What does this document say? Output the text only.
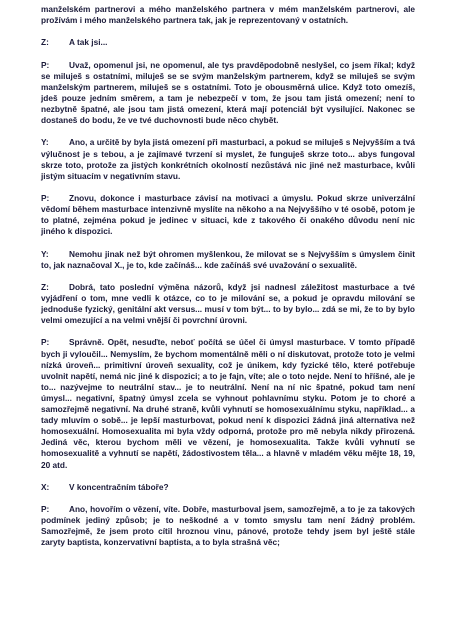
manželském partnerovi a mého manželského partnera v mém manželském partnerovi, ale prožívám i mého manželského partnera tak, jak je reprezentovaný v ostatních.

Z: A tak jsi...

P: Uvaž, opomenul jsi, ne opomenul, ale tys pravděpodobně neslyšel, co jsem říkal; když se miluješ s ostatními, miluješ se se svým manželským partnerem, když se miluješ se svým manželským partnerem, miluješ se s ostatními. Toto je obousměrná ulice. Když toto omezíš, jdeš pouze jedním směrem, a tam je nebezpečí v tom, že jsou tam jistá omezení; není to nezbytně špatné, ale jsou tam jistá omezení, která mají potenciál být vysilující. Nakonec se dostaneš do bodu, že ve tvé duchovnosti bude něco chybět.

Y: Ano, a určitě by byla jistá omezení při masturbaci, a pokud se miluješ s Nejvyšším a tvá výlučnost je s tebou, a je zajímavé tvrzení si myslet, že funguješ skrze toto... abys fungoval skrze toto, protože za jistých konkrétních okolností nezůstává nic jiné než masturbace, kvůli jistým situacím v negativním stavu.

P: Znovu, dokonce i masturbace závisí na motivaci a úmyslu. Pokud skrze univerzální vědomí během masturbace intenzivně myslíte na někoho a na Nejvyššího v té osobě, potom je to platné, zejména pokud je jedinec v situaci, kde z takového či onakého důvodu není nic jiného k dispozici.

Y: Nemohu jinak než být ohromen myšlenkou, že milovat se s Nejvyšším s úmyslem činit to, jak naznačoval X., je to, kde začínáš... kde začínáš své uvažování o sexualitě.

Z: Dobrá, tato poslední výměna názorů, když jsi nadnesl záležitost masturbace a tvé vyjádření o tom, mne vedli k otázce, co to je milování se, a pokud je opravdu milování se jednoduše fyzický, genitální akt versus... musí v tom být... to by bylo... zdá se mi, že to by bylo velmi omezující a na velmi vnější či povrchní úrovni.

P: Správně. Opět, nesuďte, neboť počítá se účel či úmysl masturbace. V tomto případě bych ji vyloučil... Nemyslím, že bychom momentálně měli o ní diskutovat, protože toto je velmi nízká úroveň... primitivní úroveň sexuality, což je únikem, kdy fyzické tělo, které potřebuje uvolnit napětí, nemá nic jiné k dispozici; a to je fajn, víte; ale o toto nejde. Není to hříšné, ale je to... nazývejme to neutrální stav... je to neutrální. Není na ní nic špatné, pokud tam není úmysl... negativní, špatný úmysl zcela se vyhnout pohlavnímu styku. Potom je to choré a samozřejmě negativní. Na druhé straně, kvůli vyhnutí se homosexuálnímu styku, například... a tady mluvím o sobě... je lepší masturbovat, pokud není k dispozici žádná jiná alternativa než homosexuální. Homosexualita mi byla vždy odporná, protože pro mě nebyla nikdy přirozená. Jediná věc, kterou bychom měli ve vězení, je homosexualita. Takže kvůli vyhnutí se homosexualitě a vyhnutí se napětí, žádostivostem těla... a hlavně v mladém věku mějte 18, 19, 20 atd.

X: V koncentračním táboře?

P: Ano, hovořím o vězení, víte. Dobře, masturboval jsem, samozřejmě, a to je za takových podmínek jediný způsob; je to neškodné a v tomto smyslu tam není žádný problém. Samozřejmě, že jsem proto cítil hroznou vinu, pánové, protože tehdy jsem byl ještě stále zaryty baptista, konzervativní baptista, a to byla strašná věc;
